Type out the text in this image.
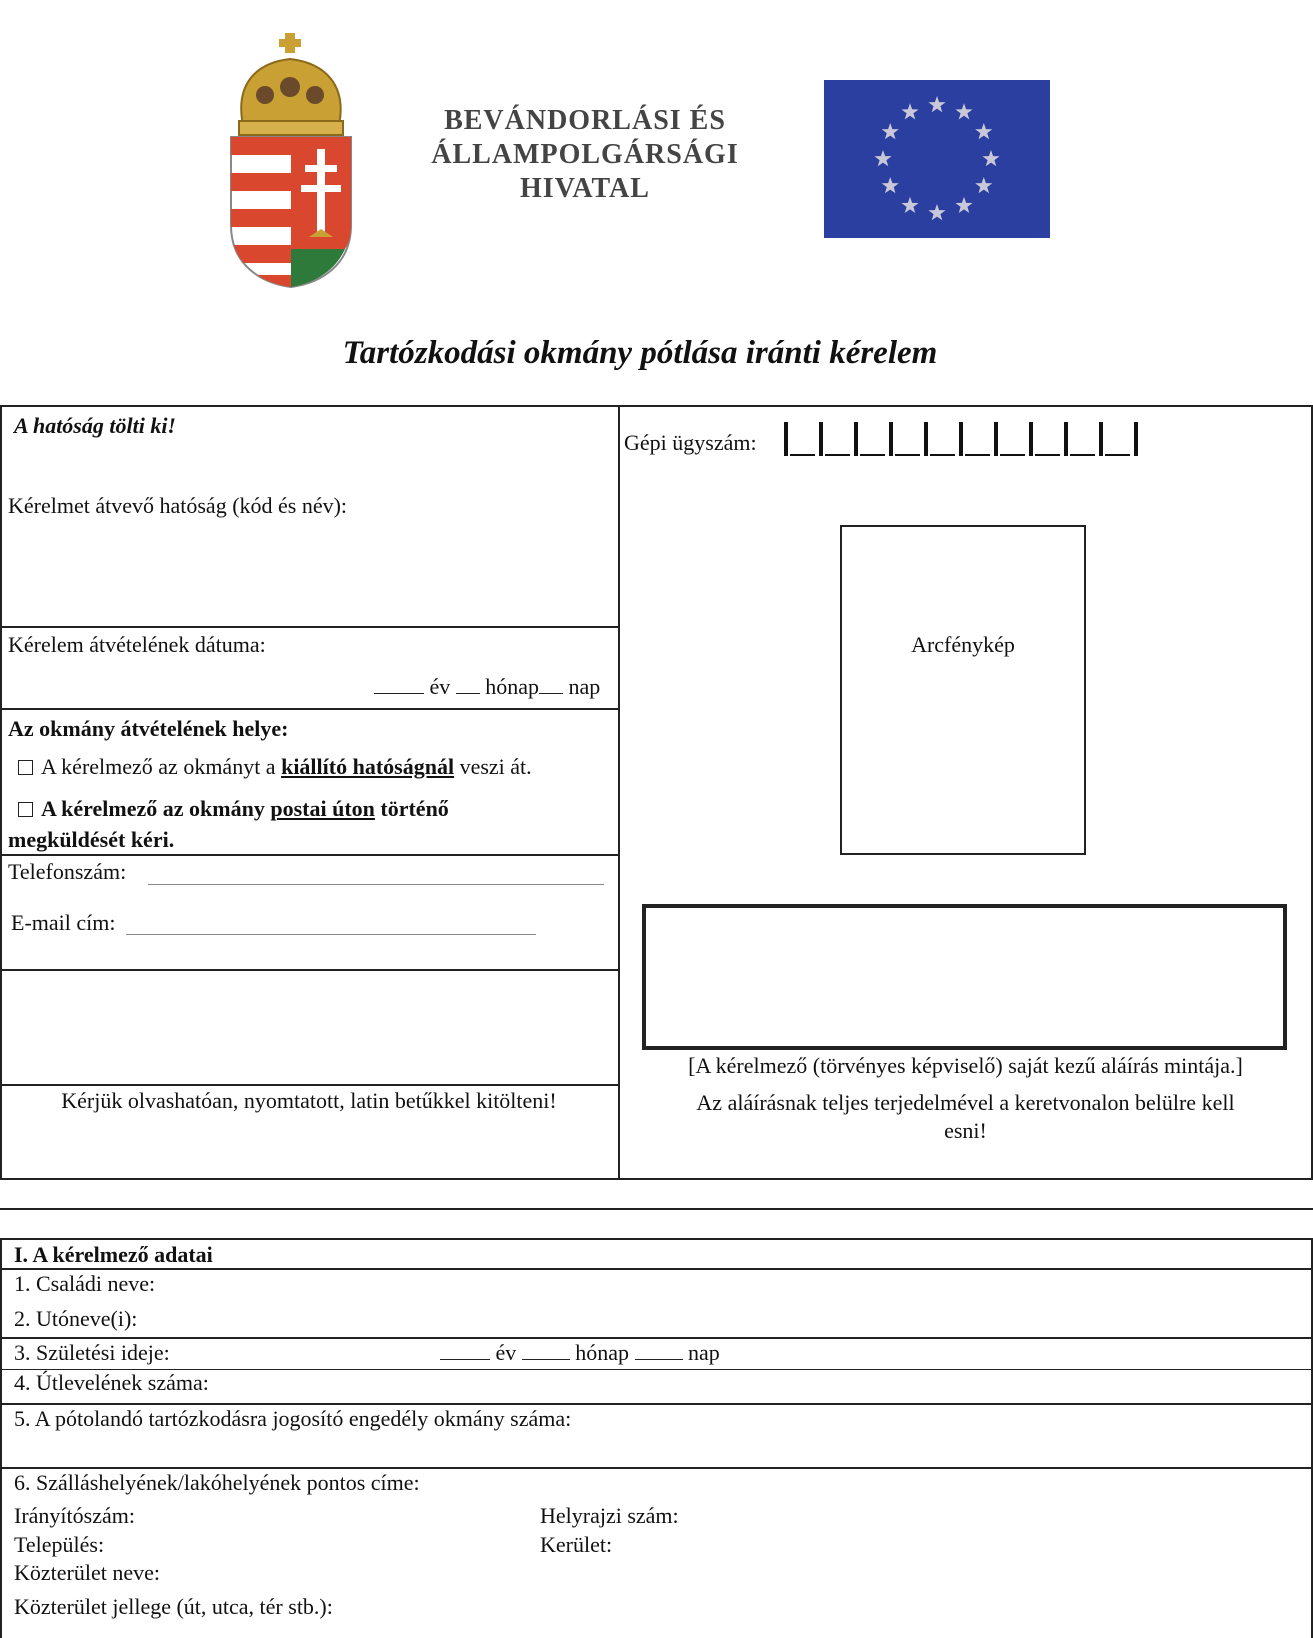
BEVÁNDORLÁSI ÉS
ÁLLAMPOLGÁRSÁGI
HIVATAL
Tartózkodási okmány pótlása iránti kérelem
A hatóság tölti ki!
Kérelmet átvevő hatóság (kód és név):
Kérelem átvételének dátuma:
év hónap nap
Az okmány átvételének helye:
A kérelmező az okmányt a kiállító hatóságnál veszi át.
A kérelmező az okmány postai úton történő
megküldését kéri.
Telefonszám:
E-mail cím:
Kérjük olvashatóan, nyomtatott, latin betűkkel kitölteni!
Gépi ügyszám:
Arcfénykép
[A kérelmező (törvényes képviselő) saját kezű aláírás mintája.]
Az aláírásnak teljes terjedelmével a keretvonalon belülre kell
esni!
I. A kérelmező adatai
1. Családi neve:
2. Utóneve(i):
3. Születési ideje:	év	hónap	nap
4. Útlevelének száma:
5. A pótolandó tartózkodásra jogosító engedély okmány száma:
6. Szálláshelyének/lakóhelyének pontos címe:
Irányítószám:	Helyrajzi szám:
Település:	Kerület:
Közterület neve:
Közterület jellege (út, utca, tér stb.):
